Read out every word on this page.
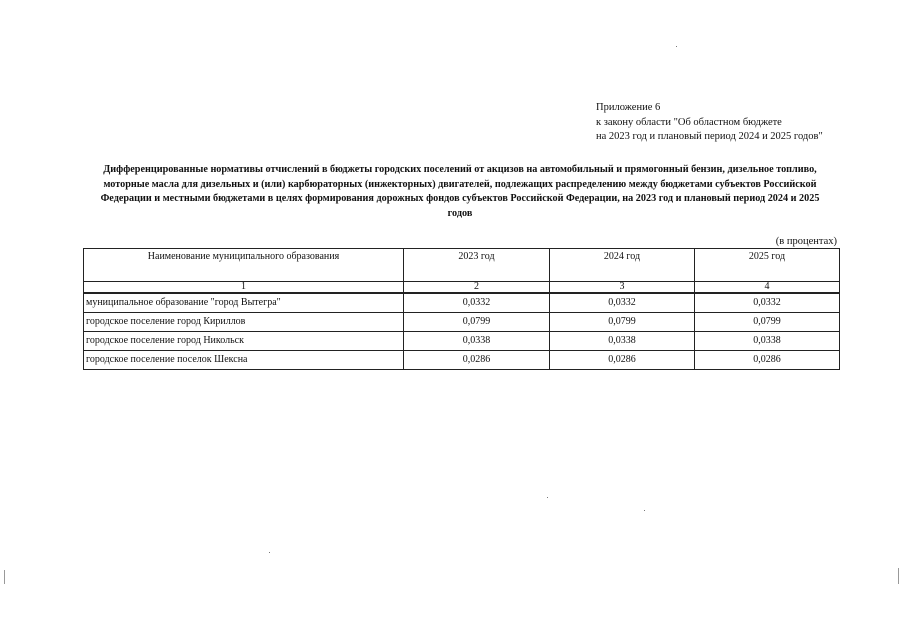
Приложение 6
к закону области "Об областном бюджете
на 2023 год и плановый период 2024 и 2025 годов"
Дифференцированные нормативы отчислений в бюджеты городских поселений от акцизов на автомобильный и прямогонный бензин, дизельное топливо, моторные масла для дизельных и (или) карбюраторных (инжекторных) двигателей, подлежащих распределению между бюджетами субъектов Российской Федерации и местными бюджетами в целях формирования дорожных фондов субъектов Российской Федерации, на 2023 год и плановый период 2024 и 2025 годов
(в процентах)
Наименование муниципального образования	2023 год	2024 год	2025 год
1	2	3	4
муниципальное образование "город Вытегра"	0,0332	0,0332	0,0332
городское поселение город Кириллов	0,0799	0,0799	0,0799
городское поселение город Никольск	0,0338	0,0338	0,0338
городское поселение поселок Шексна	0,0286	0,0286	0,0286
